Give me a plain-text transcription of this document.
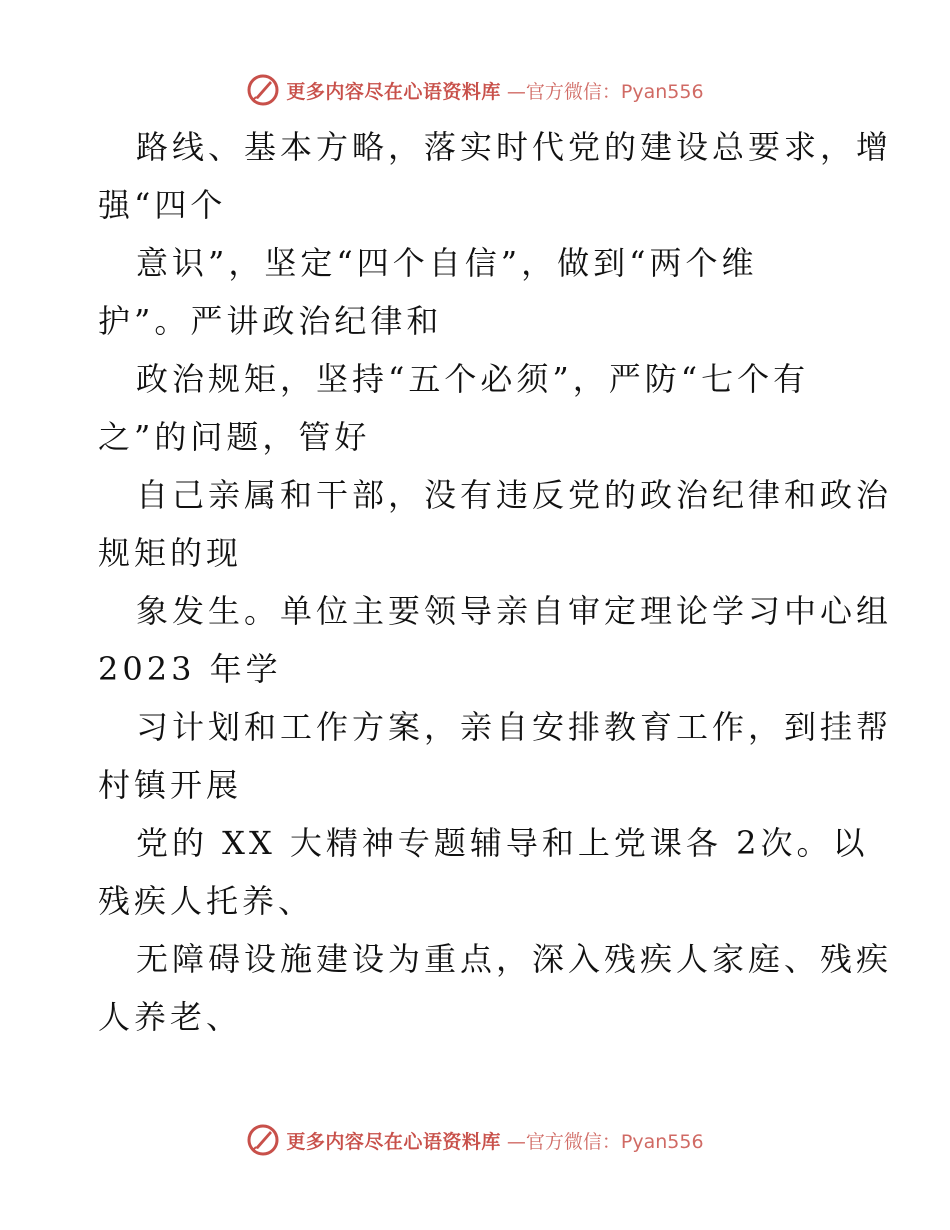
更多内容尽在心语资料库 —官方微信：Pyan556
路线、基本方略，落实时代党的建设总要求，增
强“四个
意识”，坚定“四个自信”，做到“两个维
护”。严讲政治纪律和
政治规矩，坚持“五个必须”，严防“七个有
之”的问题，管好
自己亲属和干部，没有违反党的政治纪律和政治
规矩的现
象发生。单位主要领导亲自审定理论学习中心组
2023 年学
习计划和工作方案，亲自安排教育工作，到挂帮
村镇开展
党的 XX 大精神专题辅导和上党课各 2次。以
残疾人托养、
无障碍设施建设为重点，深入残疾人家庭、残疾
人养老、
更多内容尽在心语资料库 —官方微信：Pyan556
